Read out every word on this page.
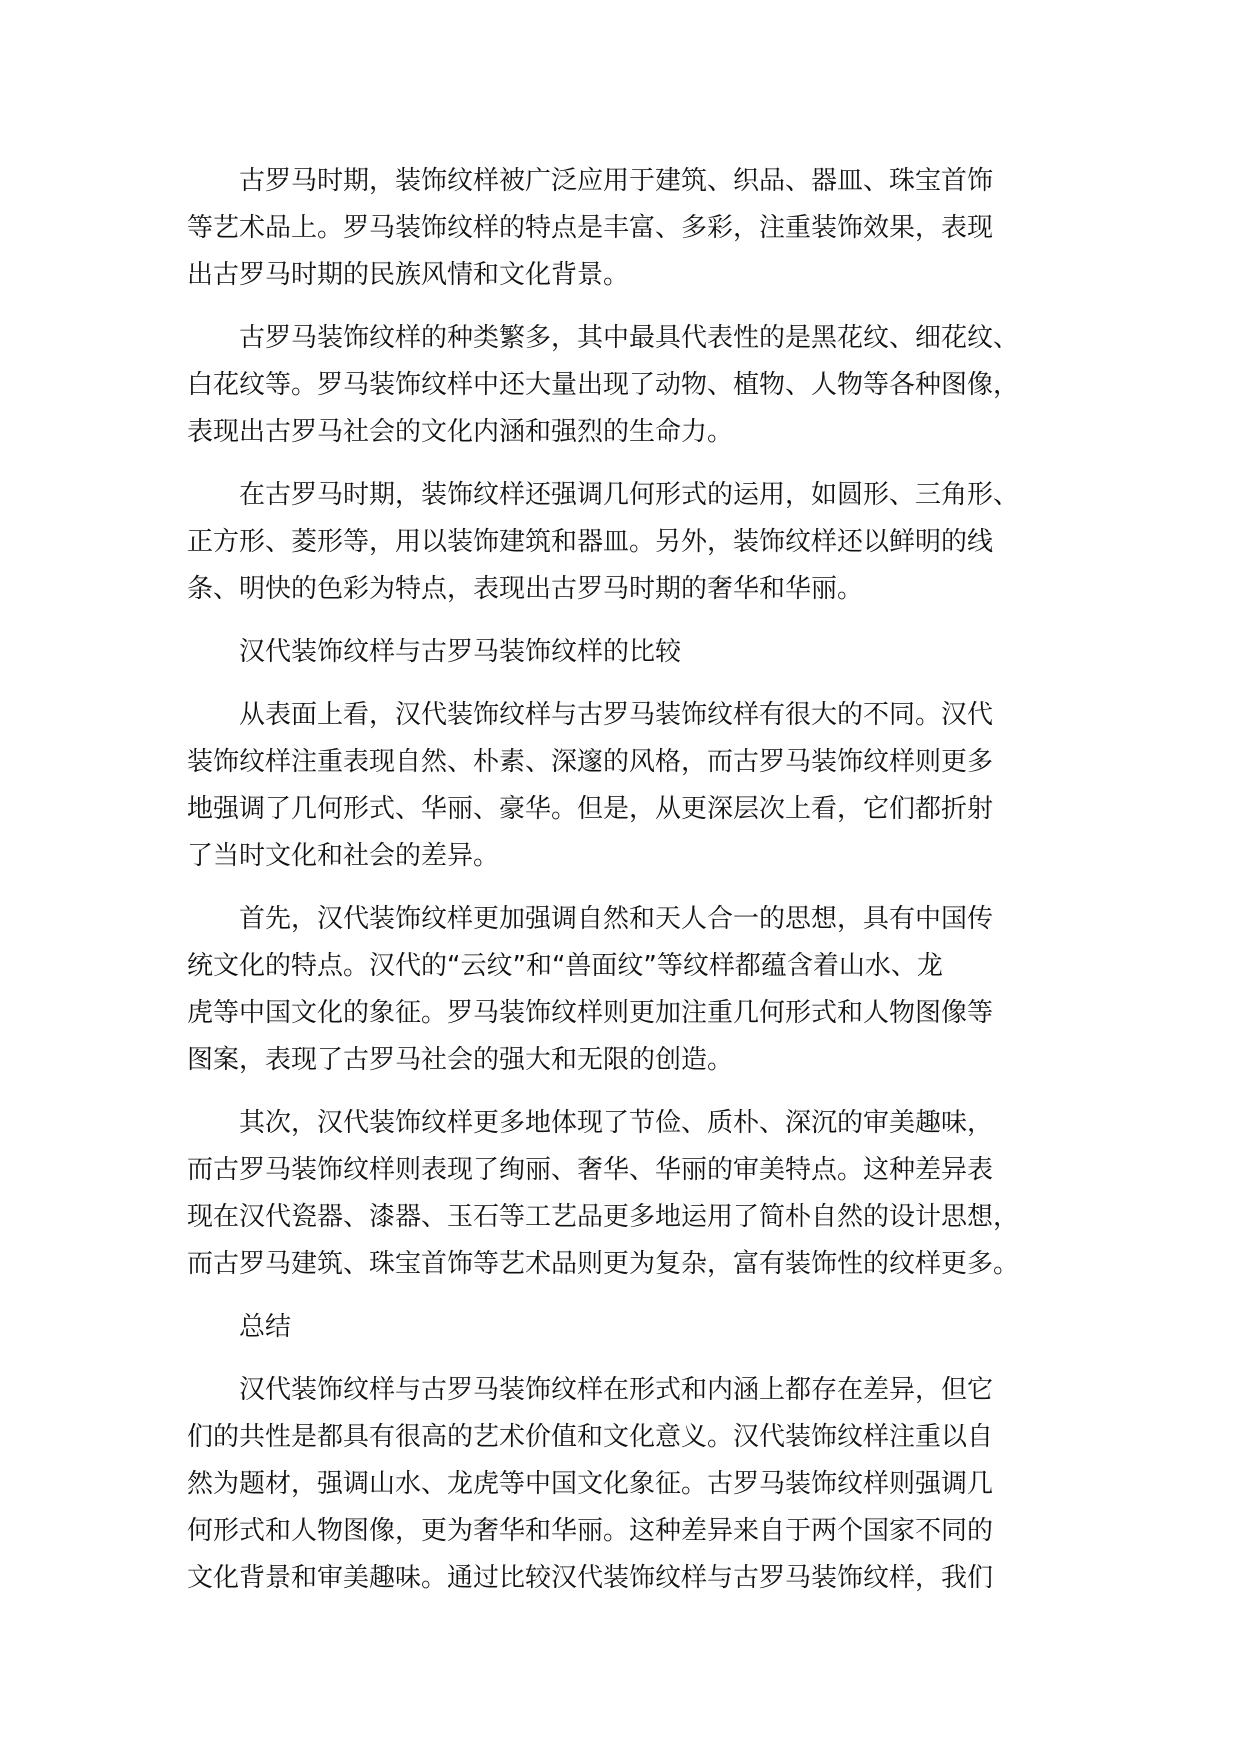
古罗马时期，装饰纹样被广泛应用于建筑、织品、器皿、珠宝首饰
等艺术品上。罗马装饰纹样的特点是丰富、多彩，注重装饰效果，表现
出古罗马时期的民族风情和文化背景。

古罗马装饰纹样的种类繁多，其中最具代表性的是黑花纹、细花纹、
白花纹等。罗马装饰纹样中还大量出现了动物、植物、人物等各种图像，
表现出古罗马社会的文化内涵和强烈的生命力。

在古罗马时期，装饰纹样还强调几何形式的运用，如圆形、三角形、
正方形、菱形等，用以装饰建筑和器皿。另外，装饰纹样还以鲜明的线
条、明快的色彩为特点，表现出古罗马时期的奢华和华丽。

汉代装饰纹样与古罗马装饰纹样的比较

从表面上看，汉代装饰纹样与古罗马装饰纹样有很大的不同。汉代
装饰纹样注重表现自然、朴素、深邃的风格，而古罗马装饰纹样则更多
地强调了几何形式、华丽、豪华。但是，从更深层次上看，它们都折射
了当时文化和社会的差异。

首先，汉代装饰纹样更加强调自然和天人合一的思想，具有中国传
统文化的特点。汉代的“云纹”和“兽面纹”等纹样都蕴含着山水、龙
虎等中国文化的象征。罗马装饰纹样则更加注重几何形式和人物图像等
图案，表现了古罗马社会的强大和无限的创造。

其次，汉代装饰纹样更多地体现了节俭、质朴、深沉的审美趣味，
而古罗马装饰纹样则表现了绚丽、奢华、华丽的审美特点。这种差异表
现在汉代瓷器、漆器、玉石等工艺品更多地运用了简朴自然的设计思想，
而古罗马建筑、珠宝首饰等艺术品则更为复杂，富有装饰性的纹样更多。

总结

汉代装饰纹样与古罗马装饰纹样在形式和内涵上都存在差异，但它
们的共性是都具有很高的艺术价值和文化意义。汉代装饰纹样注重以自
然为题材，强调山水、龙虎等中国文化象征。古罗马装饰纹样则强调几
何形式和人物图像，更为奢华和华丽。这种差异来自于两个国家不同的
文化背景和审美趣味。通过比较汉代装饰纹样与古罗马装饰纹样，我们
